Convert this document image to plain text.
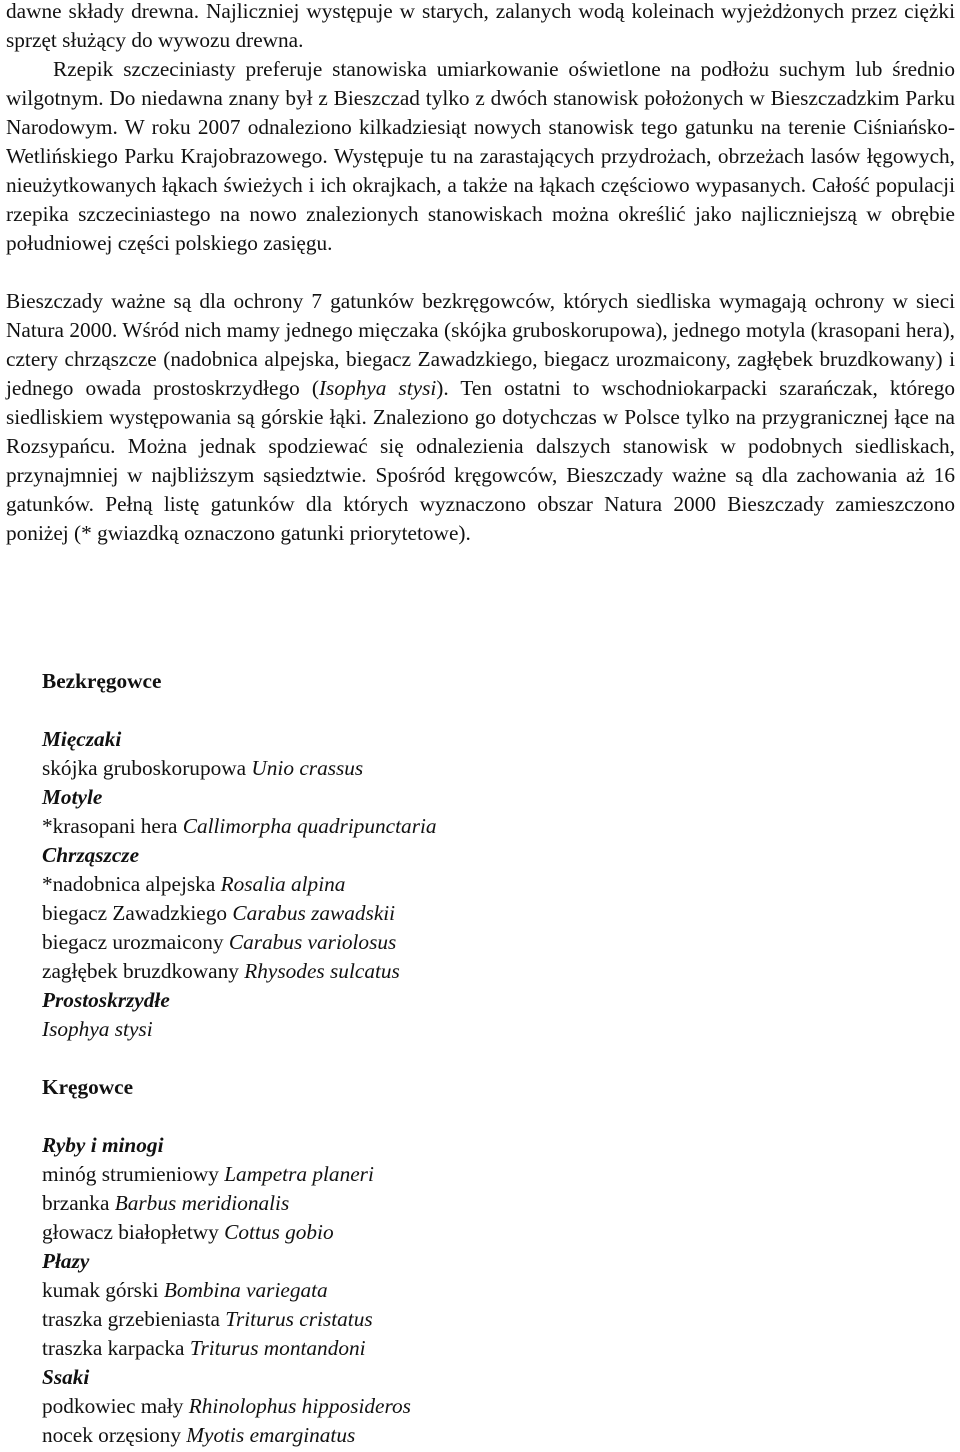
dawne składy drewna. Najliczniej występuje w starych, zalanych wodą koleinach wyjeżdżonych przez ciężki sprzęt służący do wywozu drewna.
Rzepik szczeciniasty preferuje stanowiska umiarkowanie oświetlone na podłożu suchym lub średnio wilgotnym. Do niedawna znany był z Bieszczad tylko z dwóch stanowisk położonych w Bieszczadzkim Parku Narodowym. W roku 2007 odnaleziono kilkadziesiąt nowych stanowisk tego gatunku na terenie Ciśniańsko-Wetlińskiego Parku Krajobrazowego. Występuje tu na zarastających przydrożach, obrzeżach lasów łęgowych, nieużytkowanych łąkach świeżych i ich okrajkach, a także na łąkach częściowo wypasanych. Całość populacji rzepika szczeciniastego na nowo znalezionych stanowiskach można określić jako najliczniejszą w obrębie południowej części polskiego zasięgu.

Bieszczady ważne są dla ochrony 7 gatunków bezkręgowców, których siedliska wymagają ochrony w sieci Natura 2000. Wśród nich mamy jednego mięczaka (skójka gruboskorupowa), jednego motyla (krasopani hera), cztery chrząszcze (nadobnica alpejska, biegacz Zawadzkiego, biegacz urozmaicony, zagłębek bruzdkowany) i jednego owada prostoskrzydłego (Isophya stysi). Ten ostatni to wschodniokarpacki szarańczak, którego siedliskiem występowania są górskie łąki. Znaleziono go dotychczas w Polsce tylko na przygranicznej łące na Rozsypańcu. Można jednak spodziewać się odnalezienia dalszych stanowisk w podobnych siedliskach, przynajmniej w najbliższym sąsiedztwie. Spośród kręgowców, Bieszczady ważne są dla zachowania aż 16 gatunków. Pełną listę gatunków dla których wyznaczono obszar Natura 2000 Bieszczady zamieszczono poniżej (* gwiazdką oznaczono gatunki priorytetowe).

Bezkręgowce
Mięczaki
skójka gruboskorupowa Unio crassus
Motyle
*krasopani hera Callimorpha quadripunctaria
Chrząszcze
*nadobnica alpejska Rosalia alpina
biegacz Zawadzkiego Carabus zawadskii
biegacz urozmaicony Carabus variolosus
zagłębek bruzdkowany Rhysodes sulcatus
Prostoskrzydłe
Isophya stysi
Kręgowce
Ryby i minogi
minóg strumieniowy Lampetra planeri
brzanka Barbus meridionalis
głowacz białopłetwy Cottus gobio
Płazy
kumak górski Bombina variegata
traszka grzebieniasta Triturus cristatus
traszka karpacka Triturus montandoni
Ssaki
podkowiec mały Rhinolophus hipposideros
nocek orzęsiony Myotis emarginatus
